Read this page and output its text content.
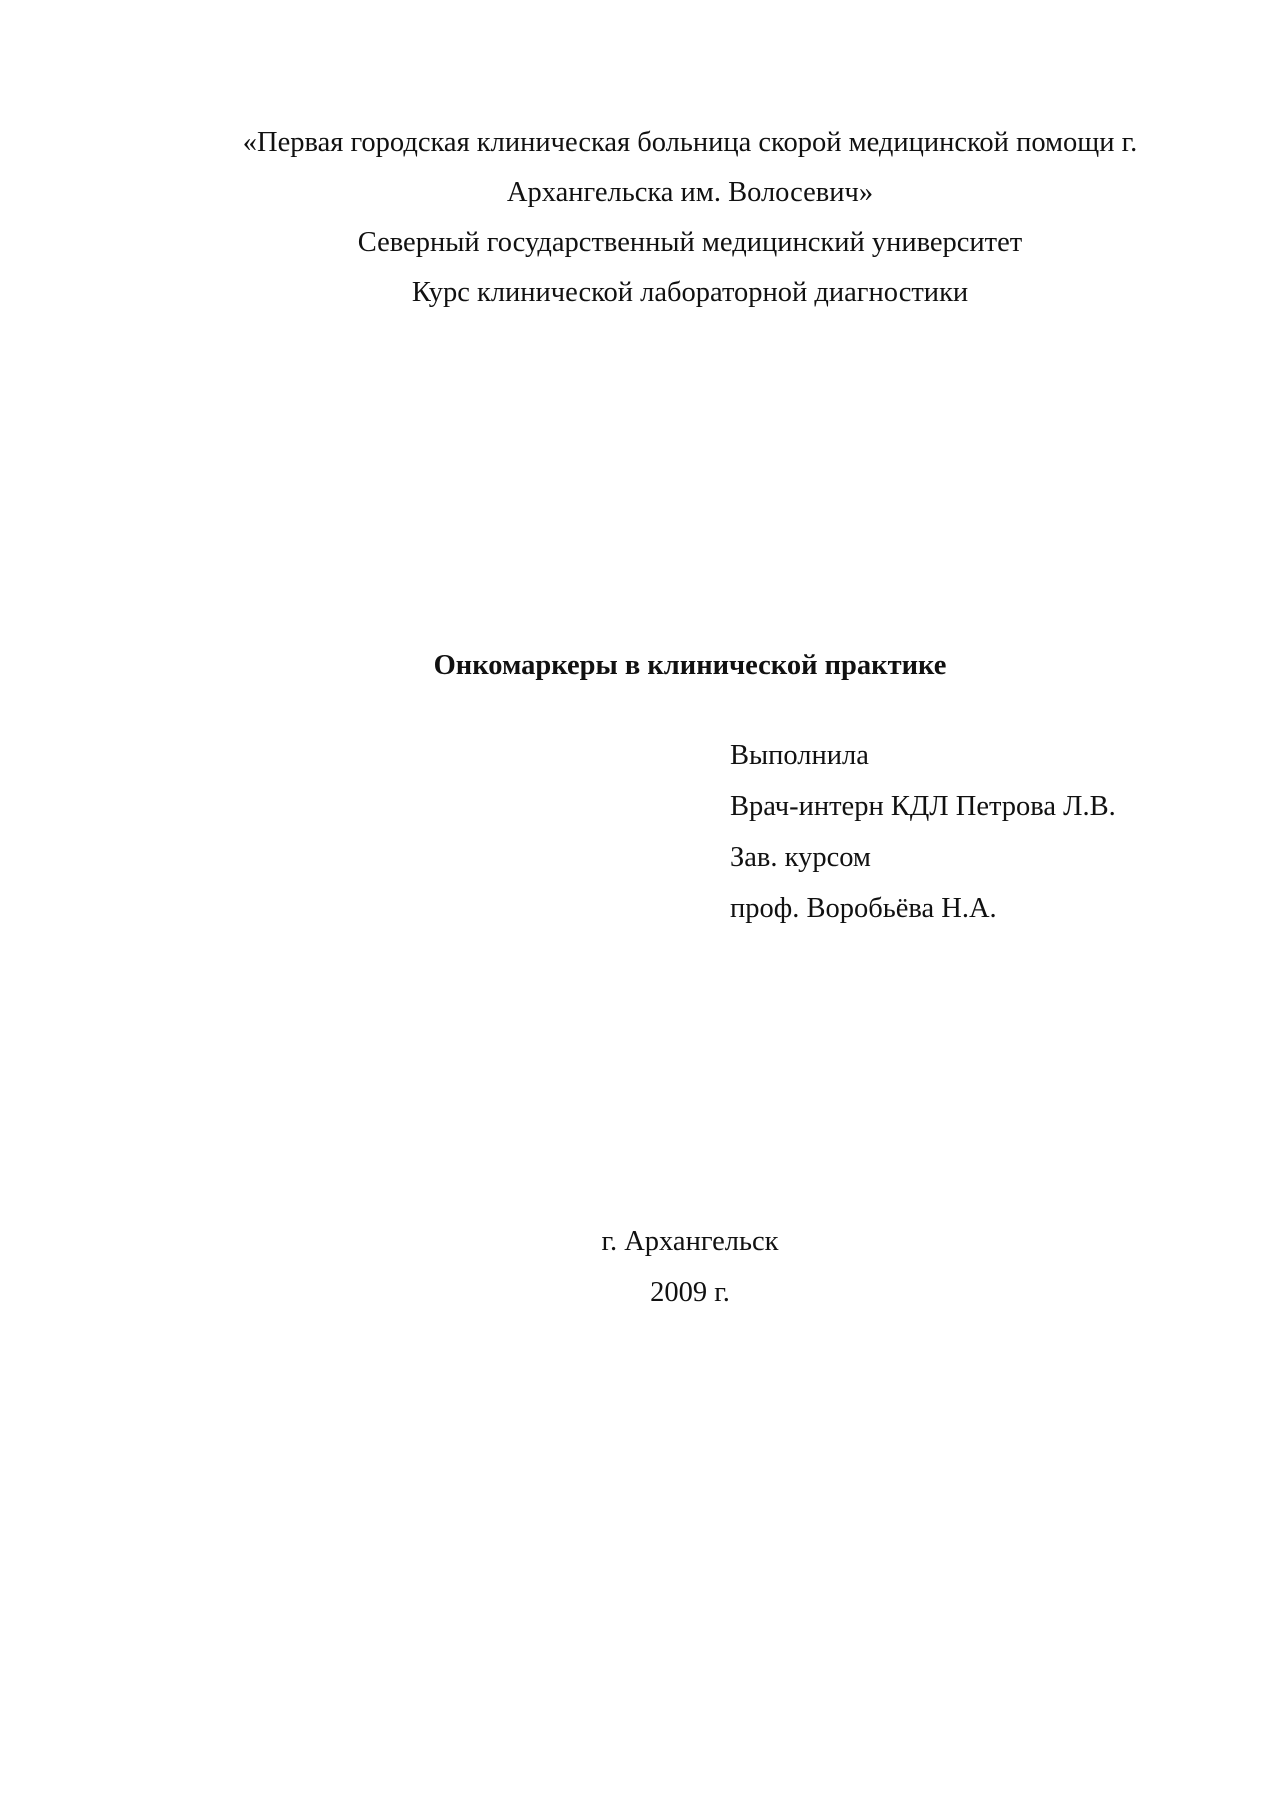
«Первая городская клиническая больница скорой медицинской помощи г.
Архангельска им. Волосевич»
Северный государственный медицинский университет
Курс клинической лабораторной диагностики
Онкомаркеры в клинической практике
Выполнила
Врач-интерн КДЛ Петрова Л.В.
Зав. курсом
проф. Воробьёва Н.А.
г. Архангельск
2009 г.
